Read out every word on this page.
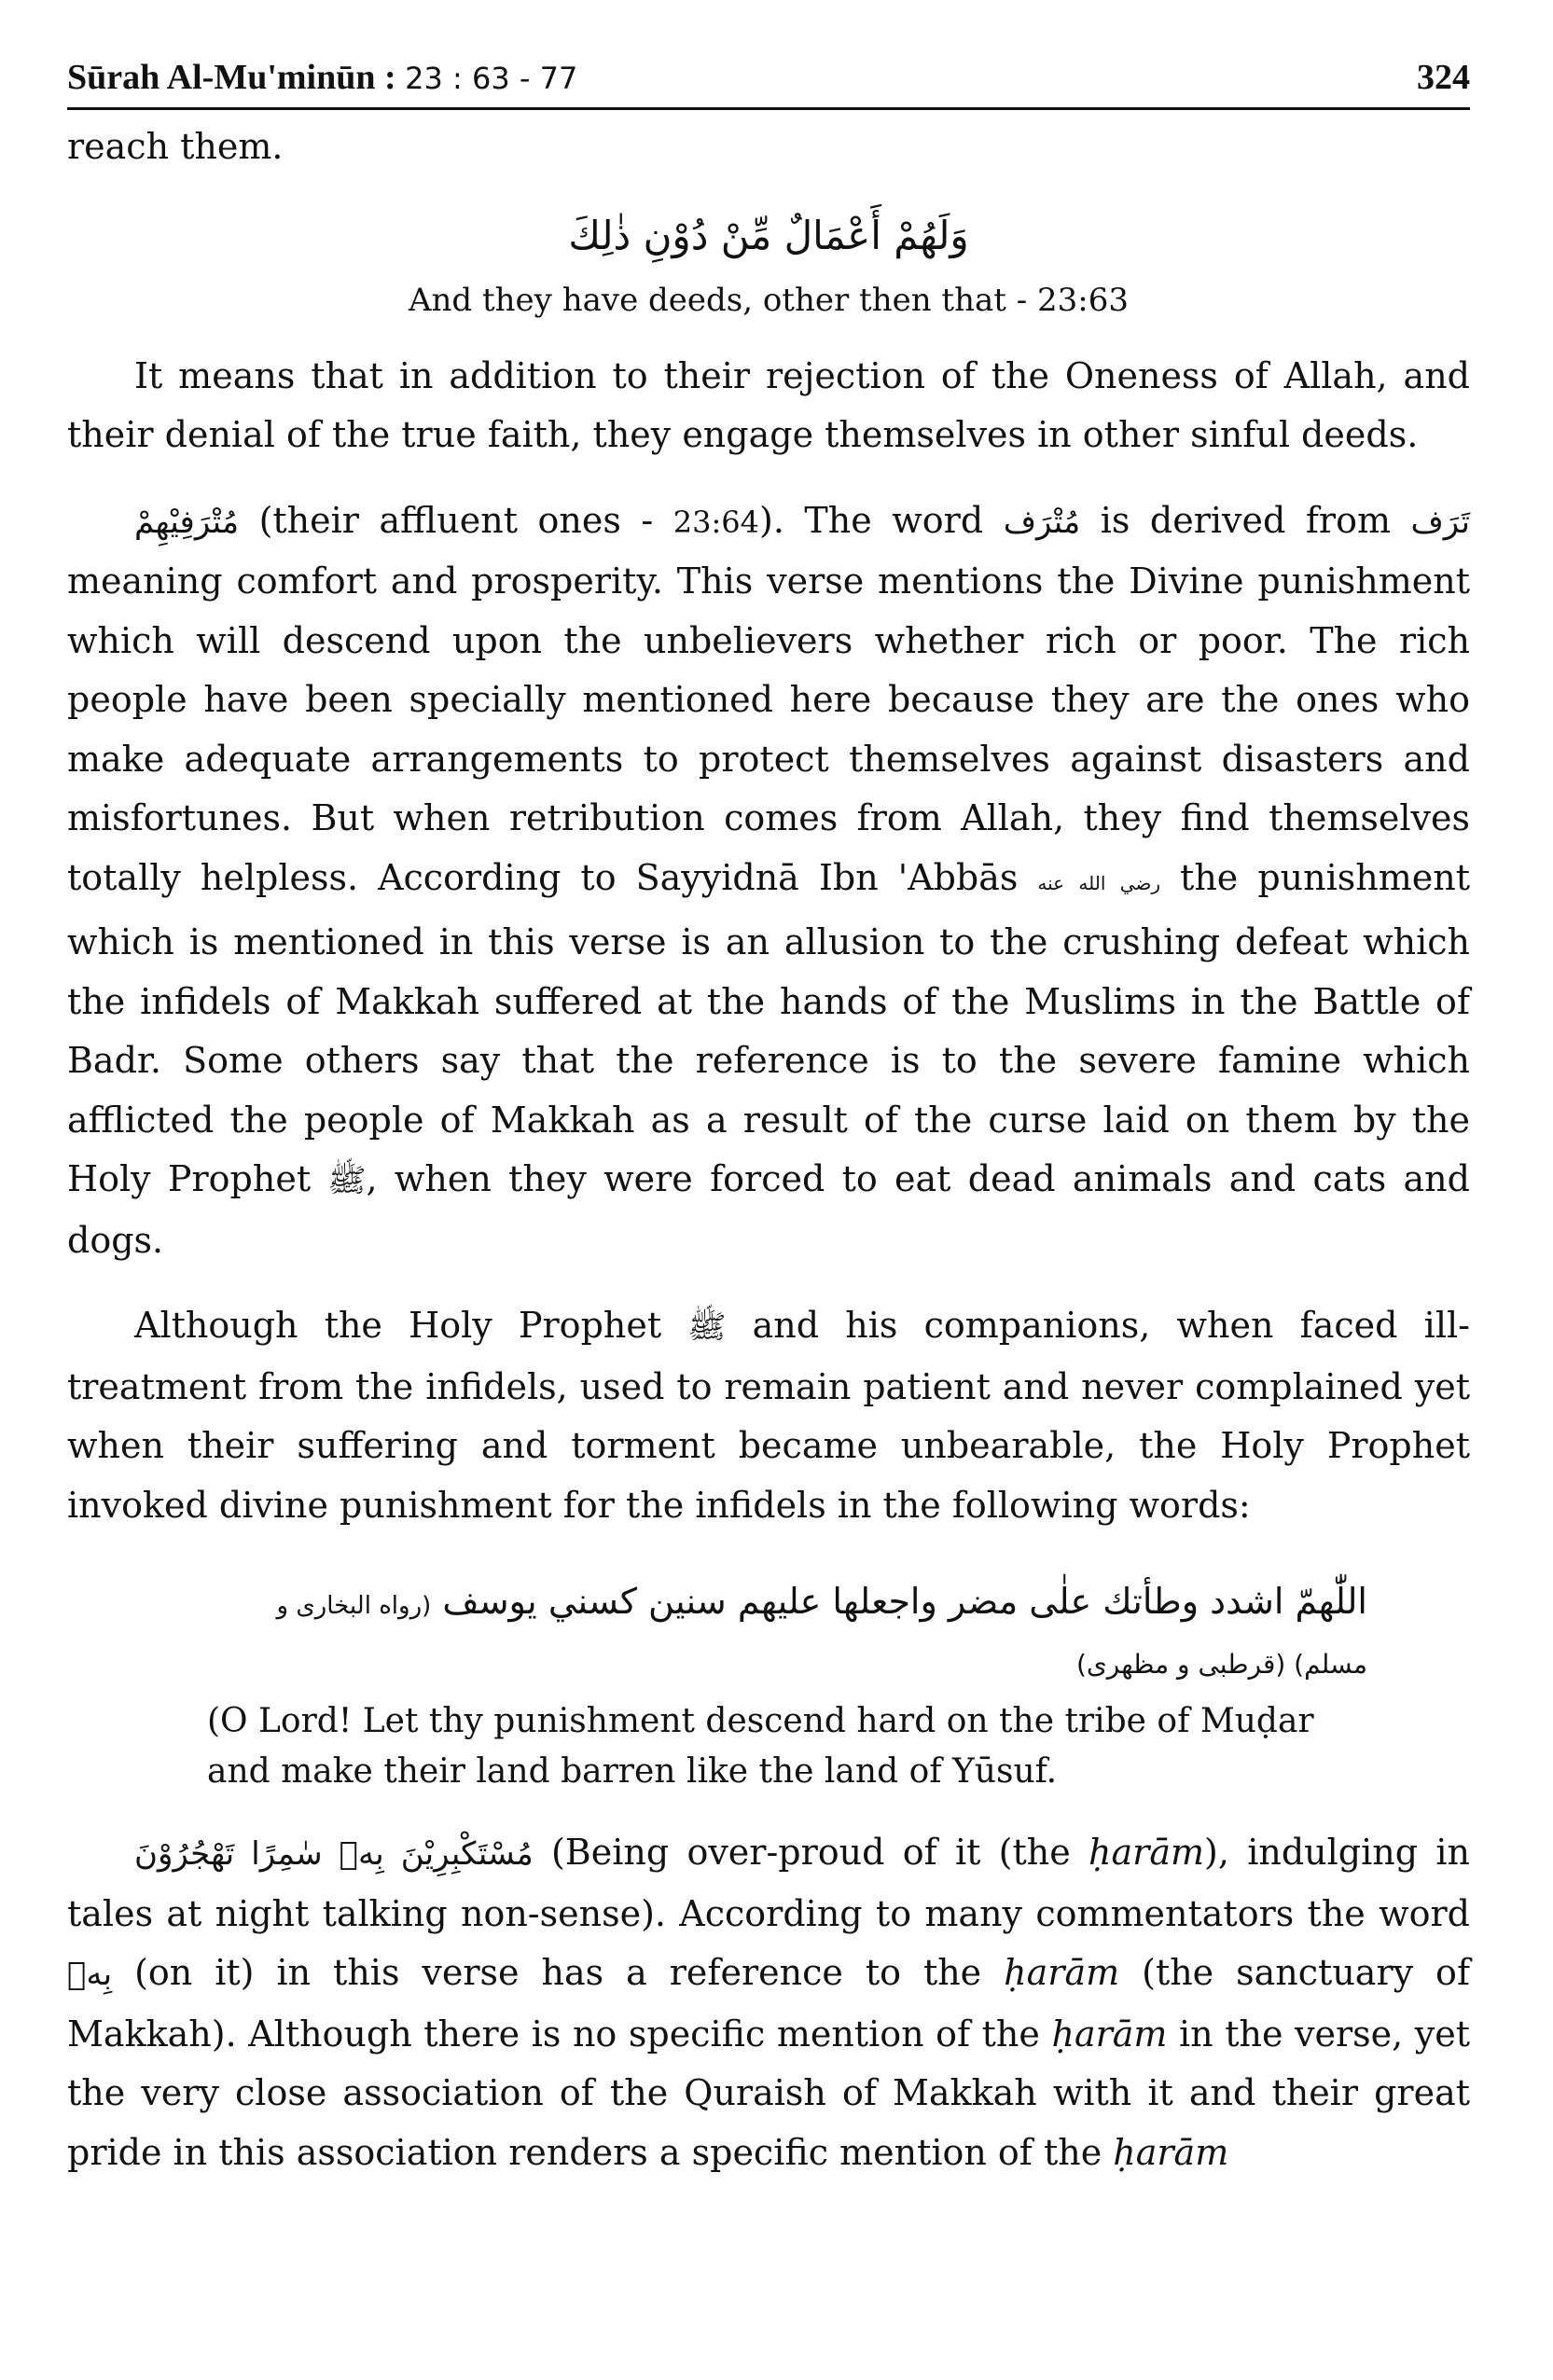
Sūrah Al-Mu'minūn : 23 : 63 - 77	324

reach them.

وَلَهُمْ أَعْمَالٌ مِّنْ دُوْنِ ذٰلِكَ
And they have deeds, other then that - 23:63

It means that in addition to their rejection of the Oneness of Allah, and their denial of the true faith, they engage themselves in other sinful deeds.

مُتْرَفِيْهِمْ (their affluent ones - 23:64). The word مُتْرَف is derived from تَرَف meaning comfort and prosperity. This verse mentions the Divine punishment which will descend upon the unbelievers whether rich or poor. The rich people have been specially mentioned here because they are the ones who make adequate arrangements to protect themselves against disasters and misfortunes. But when retribution comes from Allah, they find themselves totally helpless. According to Sayyidnā Ibn 'Abbās رضي الله عنه the punishment which is mentioned in this verse is an allusion to the crushing defeat which the infidels of Makkah suffered at the hands of the Muslims in the Battle of Badr. Some others say that the reference is to the severe famine which afflicted the people of Makkah as a result of the curse laid on them by the Holy Prophet ﷺ, when they were forced to eat dead animals and cats and dogs.

Although the Holy Prophet ﷺ and his companions, when faced ill-treatment from the infidels, used to remain patient and never complained yet when their suffering and torment became unbearable, the Holy Prophet invoked divine punishment for the infidels in the following words:

اللّٰهمّ اشدد وطأتك علٰى مضر واجعلها عليهم سنين كسني يوسف (رواه البخاری و
مسلم) (قرطبی و مظهری)
(O Lord! Let thy punishment descend hard on the tribe of Muḍar and make their land barren like the land of Yūsuf.

مُسْتَكْبِرِيْنَ بِهٖ سٰمِرًا تَهْجُرُوْنَ (Being over-proud of it (the ḥarām), indulging in tales at night talking non-sense). According to many commentators the word بِهٖ (on it) in this verse has a reference to the ḥarām (the sanctuary of Makkah). Although there is no specific mention of the ḥarām in the verse, yet the very close association of the Quraish of Makkah with it and their great pride in this association renders a specific mention of the ḥarām
